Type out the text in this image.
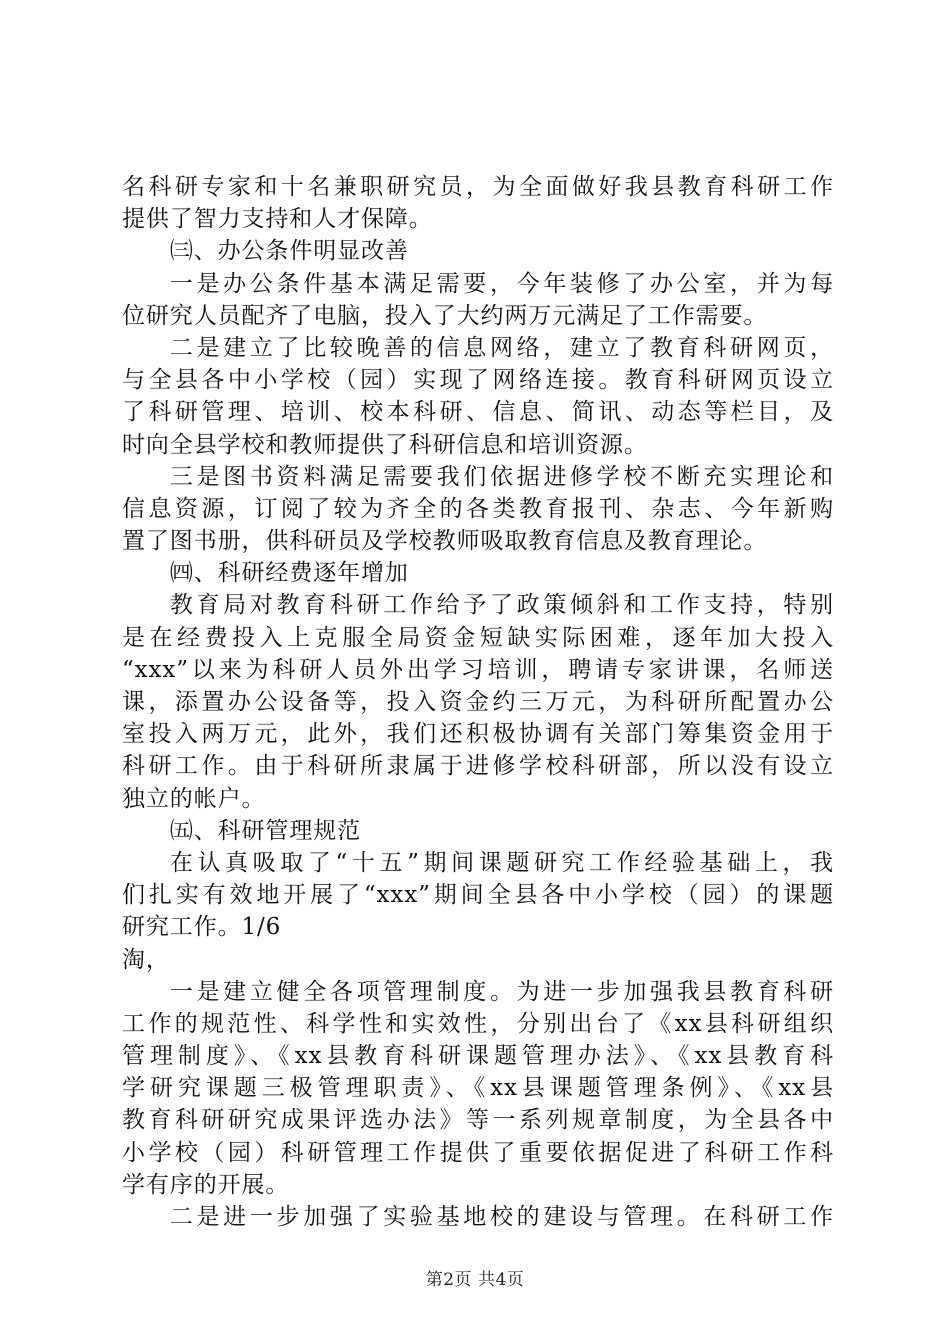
名科研专家和十名兼职研究员，为全面做好我县教育科研工作
提供了智力支持和人才保障。
㈢、办公条件明显改善
一是办公条件基本满足需要，今年装修了办公室，并为每
位研究人员配齐了电脑，投入了大约两万元满足了工作需要。
二是建立了比较晚善的信息网络，建立了教育科研网页，
与全县各中小学校（园）实现了网络连接。教育科研网页设立
了科研管理、培训、校本科研、信息、简讯、动态等栏目，及
时向全县学校和教师提供了科研信息和培训资源。
三是图书资料满足需要我们依据进修学校不断充实理论和
信息资源，订阅了较为齐全的各类教育报刊、杂志、今年新购
置了图书册，供科研员及学校教师吸取教育信息及教育理论。
㈣、科研经费逐年增加
教育局对教育科研工作给予了政策倾斜和工作支持，特别
是在经费投入上克服全局资金短缺实际困难，逐年加大投入
“xxx”以来为科研人员外出学习培训，聘请专家讲课，名师送
课，添置办公设备等，投入资金约三万元，为科研所配置办公
室投入两万元，此外，我们还积极协调有关部门筹集资金用于
科研工作。由于科研所隶属于进修学校科研部，所以没有设立
独立的帐户。
㈤、科研管理规范
在认真吸取了“十五”期间课题研究工作经验基础上，我
们扎实有效地开展了“xxx”期间全县各中小学校（园）的课题
研究工作。1/6
淘，
一是建立健全各项管理制度。为进一步加强我县教育科研
工作的规范性、科学性和实效性，分别出台了《xx县科研组织
管理制度》、《xx县教育科研课题管理办法》、《xx县教育科
学研究课题三极管理职责》、《xx县课题管理条例》、《xx县
教育科研研究成果评选办法》等一系列规章制度，为全县各中
小学校（园）科研管理工作提供了重要依据促进了科研工作科
学有序的开展。
二是进一步加强了实验基地校的建设与管理。在科研工作
第2页 共4页
